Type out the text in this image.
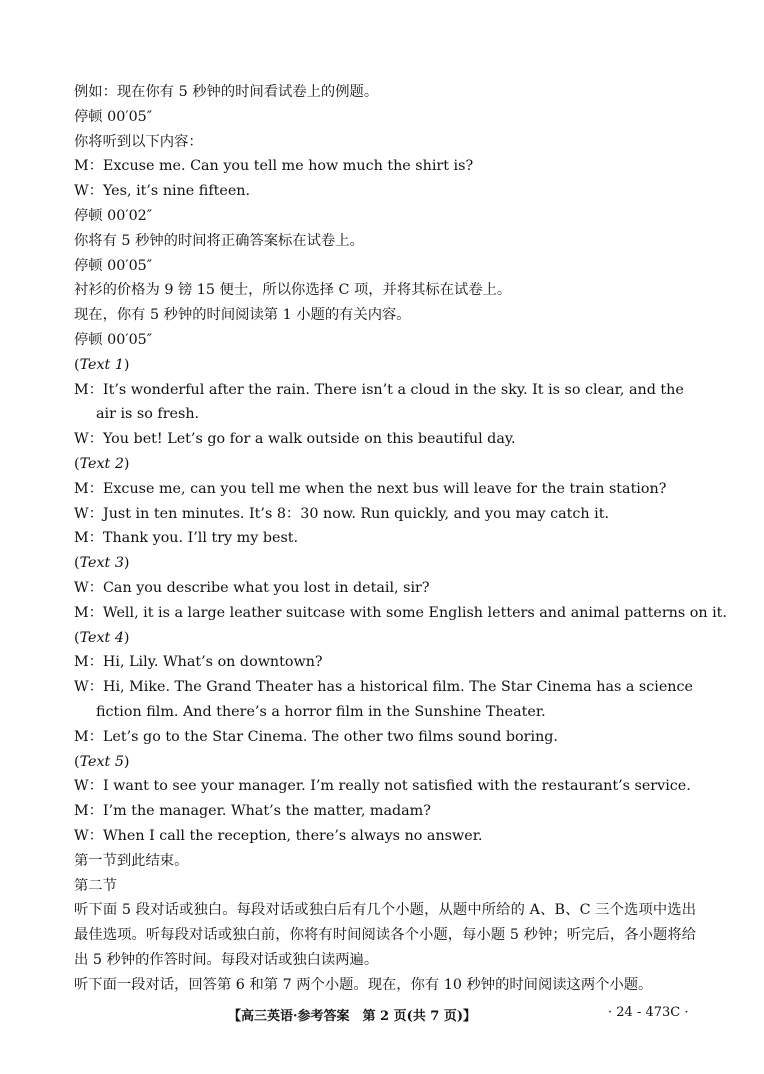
例如：现在你有 5 秒钟的时间看试卷上的例题。
停顿 00′05″
你将听到以下内容：
M：Excuse me. Can you tell me how much the shirt is?
W：Yes, it’s nine fifteen.
停顿 00′02″
你将有 5 秒钟的时间将正确答案标在试卷上。
停顿 00′05″
衬衫的价格为 9 镑 15 便士，所以你选择 C 项，并将其标在试卷上。
现在，你有 5 秒钟的时间阅读第 1 小题的有关内容。
停顿 00′05″
(Text 1)
M：It’s wonderful after the rain. There isn’t a cloud in the sky. It is so clear, and the air is so fresh.
W：You bet! Let’s go for a walk outside on this beautiful day.
(Text 2)
M：Excuse me, can you tell me when the next bus will leave for the train station?
W：Just in ten minutes. It’s 8：30 now. Run quickly, and you may catch it.
M：Thank you. I’ll try my best.
(Text 3)
W：Can you describe what you lost in detail, sir?
M：Well, it is a large leather suitcase with some English letters and animal patterns on it.
(Text 4)
M：Hi, Lily. What’s on downtown?
W：Hi, Mike. The Grand Theater has a historical film. The Star Cinema has a science fiction film. And there’s a horror film in the Sunshine Theater.
M：Let’s go to the Star Cinema. The other two films sound boring.
(Text 5)
W：I want to see your manager. I’m really not satisfied with the restaurant’s service.
M：I’m the manager. What’s the matter, madam?
W：When I call the reception, there’s always no answer.
第一节到此结束。
第二节
听下面 5 段对话或独白。每段对话或独白后有几个小题，从题中所给的 A、B、C 三个选项中选出最佳选项。听每段对话或独白前，你将有时间阅读各个小题，每小题 5 秒钟；听完后，各小题将给出 5 秒钟的作答时间。每段对话或独白读两遍。
听下面一段对话，回答第 6 和第 7 两个小题。现在，你有 10 秒钟的时间阅读这两个小题。
【高三英语·参考答案　第 2 页(共 7 页)】	· 24 - 473C ·
